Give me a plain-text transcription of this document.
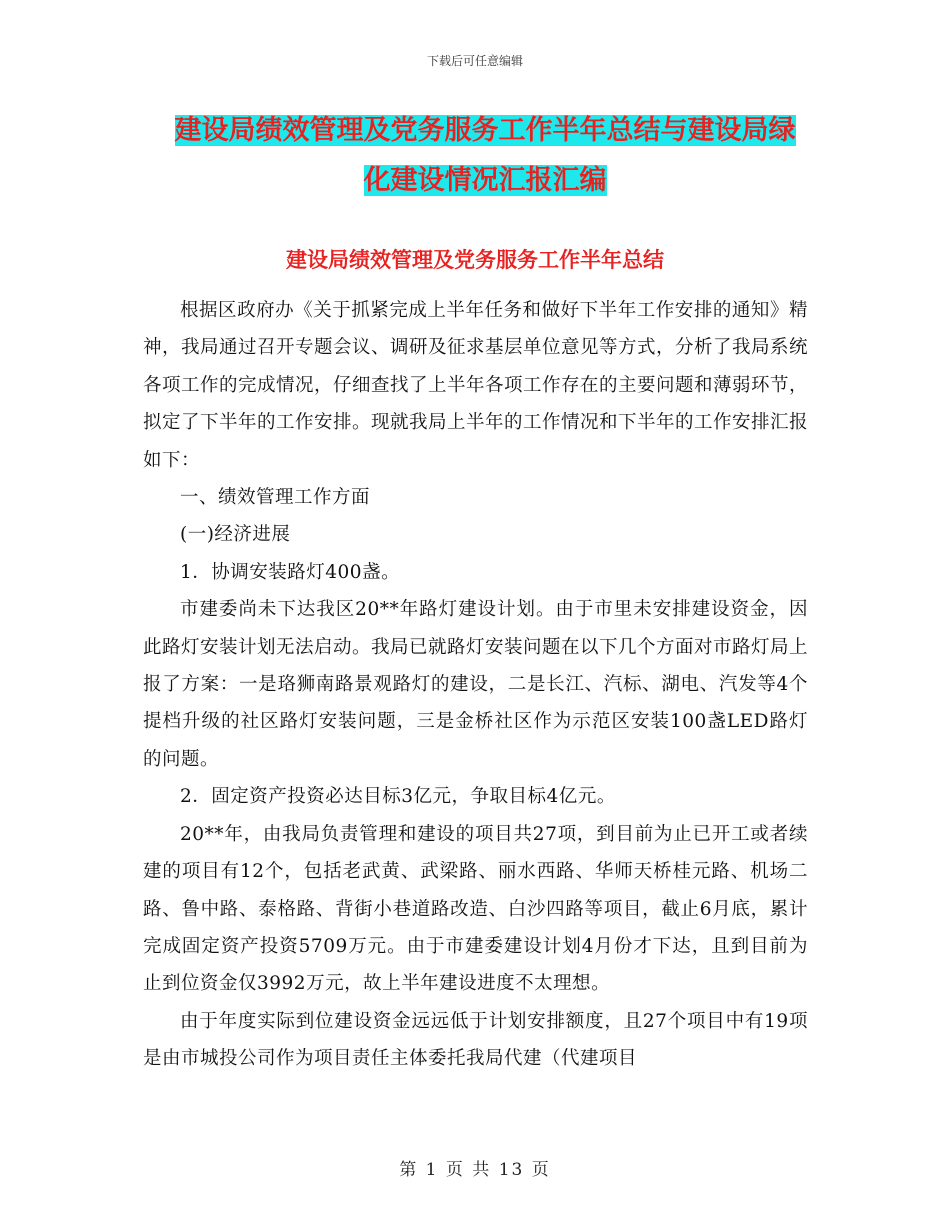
下载后可任意编辑
建设局绩效管理及党务服务工作半年总结与建设局绿
化建设情况汇报汇编
建设局绩效管理及党务服务工作半年总结

根据区政府办《关于抓紧完成上半年任务和做好下半年工作安排的通知》精神，我局通过召开专题会议、调研及征求基层单位意见等方式，分析了我局系统各项工作的完成情况，仔细查找了上半年各项工作存在的主要问题和薄弱环节，拟定了下半年的工作安排。现就我局上半年的工作情况和下半年的工作安排汇报如下：

一、绩效管理工作方面

(一)经济进展

1．协调安装路灯400盏。

市建委尚未下达我区20**年路灯建设计划。由于市里未安排建设资金，因此路灯安装计划无法启动。我局已就路灯安装问题在以下几个方面对市路灯局上报了方案：一是珞狮南路景观路灯的建设，二是长江、汽标、湖电、汽发等4个提档升级的社区路灯安装问题，三是金桥社区作为示范区安装100盏LED路灯的问题。

2．固定资产投资必达目标3亿元，争取目标4亿元。

20**年，由我局负责管理和建设的项目共27项，到目前为止已开工或者续建的项目有12个，包括老武黄、武梁路、丽水西路、华师天桥桂元路、机场二路、鲁中路、泰格路、背街小巷道路改造、白沙四路等项目，截止6月底，累计完成固定资产投资5709万元。由于市建委建设计划4月份才下达，且到目前为止到位资金仅3992万元，故上半年建设进度不太理想。

由于年度实际到位建设资金远远低于计划安排额度，且27个项目中有19项是由市城投公司作为项目责任主体委托我局代建（代建项目

第 1 页 共 13 页
